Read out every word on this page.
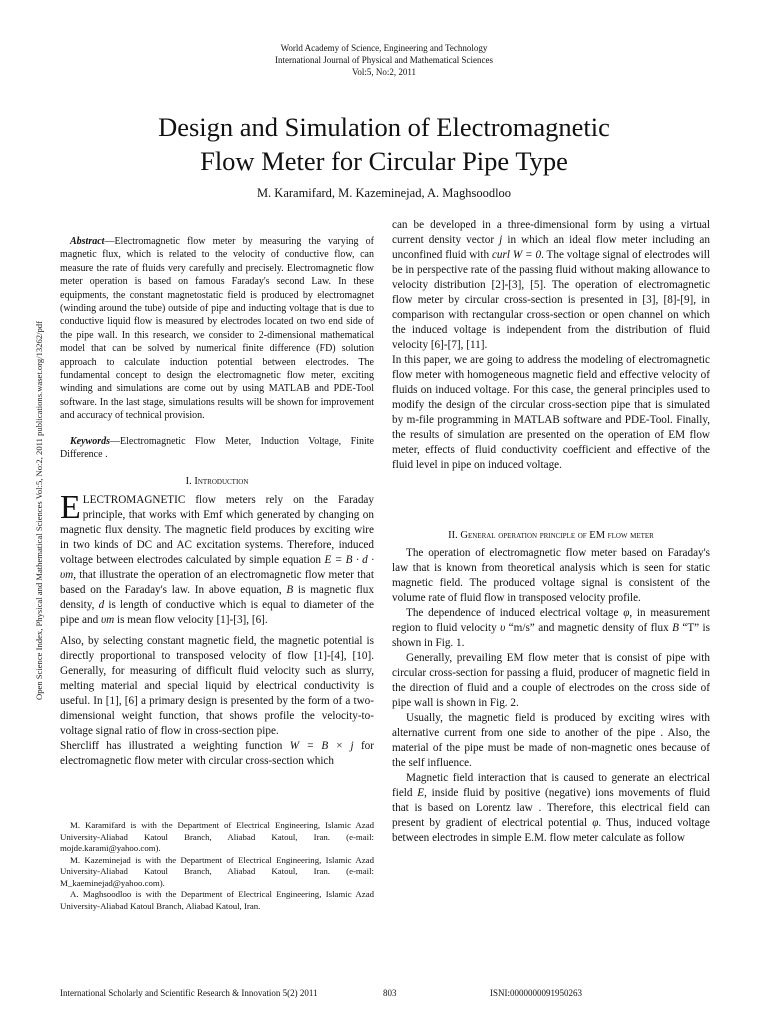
World Academy of Science, Engineering and Technology
International Journal of Physical and Mathematical Sciences
Vol:5, No:2, 2011
Design and Simulation of Electromagnetic
Flow Meter for Circular Pipe Type
M. Karamifard, M. Kazeminejad, A. Maghsoodloo
Open Science Index, Physical and Mathematical Sciences Vol:5, No:2, 2011 publications.waset.org/13262/pdf

Abstract—Electromagnetic flow meter by measuring the varying of magnetic flux, which is related to the velocity of conductive flow, can measure the rate of fluids very carefully and precisely. Electromagnetic flow meter operation is based on famous Faraday's second Law. In these equipments, the constant magnetostatic field is produced by electromagnet (winding around the tube) outside of pipe and inducting voltage that is due to conductive liquid flow is measured by electrodes located on two end side of the pipe wall. In this research, we consider to 2-dimensional mathematical model that can be solved by numerical finite difference (FD) solution approach to calculate induction potential between electrodes. The fundamental concept to design the electromagnetic flow meter, exciting winding and simulations are come out by using MATLAB and PDE-Tool software. In the last stage, simulations results will be shown for improvement and accuracy of technical provision.

Keywords—Electromagnetic Flow Meter, Induction Voltage, Finite Difference .

I. Introduction

ELECTROMAGNETIC flow meters rely on the Faraday principle, that works with Emf which generated by changing on magnetic flux density. The magnetic field produces by exciting wire in two kinds of DC and AC excitation systems. Therefore, induced voltage between electrodes calculated by simple equation E = B · d · υm, that illustrate the operation of an electromagnetic flow meter that based on the Faraday's law. In above equation, B is magnetic flux density, d is length of conductive which is equal to diameter of the pipe and υm is mean flow velocity [1]-[3], [6].

Also, by selecting constant magnetic field, the magnetic potential is directly proportional to transposed velocity of flow [1]-[4], [10]. Generally, for measuring of difficult fluid velocity such as slurry, melting material and special liquid by electrical conductivity is useful. In [1], [6] a primary design is presented by the form of a two-dimensional weight function, that shows profile the velocity-to-voltage signal ratio of flow in cross-section pipe.

Shercliff has illustrated a weighting function W = B × j for electromagnetic flow meter with circular cross-section which

M. Karamifard is with the Department of Electrical Engineering, Islamic Azad University-Aliabad Katoul Branch, Aliabad Katoul, Iran. (e-mail: mojde.karami@yahoo.com).

M. Kazeminejad is with the Department of Electrical Engineering, Islamic Azad University-Aliabad Katoul Branch, Aliabad Katoul, Iran. (e-mail: M_kaeminejad@yahoo.com).

A. Maghsoodloo is with the Department of Electrical Engineering, Islamic Azad University-Aliabad Katoul Branch, Aliabad Katoul, Iran.

can be developed in a three-dimensional form by using a virtual current density vector j in which an ideal flow meter including an unconfined fluid with curl W = 0. The voltage signal of electrodes will be in perspective rate of the passing fluid without making allowance to velocity distribution [2]-[3], [5]. The operation of electromagnetic flow meter by circular cross-section is presented in [3], [8]-[9], in comparison with rectangular cross-section or open channel on which the induced voltage is independent from the distribution of fluid velocity [6]-[7], [11].

In this paper, we are going to address the modeling of electromagnetic flow meter with homogeneous magnetic field and effective velocity of fluids on induced voltage. For this case, the general principles used to modify the design of the circular cross-section pipe that is simulated by m-file programming in MATLAB software and PDE-Tool. Finally, the results of simulation are presented on the operation of EM flow meter, effects of fluid conductivity coefficient and effective of the fluid level in pipe on induced voltage.

II. General operation principle of EM flow meter

The operation of electromagnetic flow meter based on Faraday's law that is known from theoretical analysis which is seen for static magnetic field. The produced voltage signal is consistent of the volume rate of fluid flow in transposed velocity profile.

The dependence of induced electrical voltage φ, in measurement region to fluid velocity υ “m/s” and magnetic density of flux B “T” is shown in Fig. 1.

Generally, prevailing EM flow meter that is consist of pipe with circular cross-section for passing a fluid, producer of magnetic field in the direction of fluid and a couple of electrodes on the cross side of pipe wall is shown in Fig. 2.

Usually, the magnetic field is produced by exciting wires with alternative current from one side to another of the pipe . Also, the material of the pipe must be made of non-magnetic ones because of the self influence.

Magnetic field interaction that is caused to generate an electrical field E, inside fluid by positive (negative) ions movements of fluid that is based on Lorentz law . Therefore, this electrical field can present by gradient of electrical potential φ. Thus, induced voltage between electrodes in simple E.M. flow meter calculate as follow

International Scholarly and Scientific Research & Innovation 5(2) 2011	803	ISNI:0000000091950263
